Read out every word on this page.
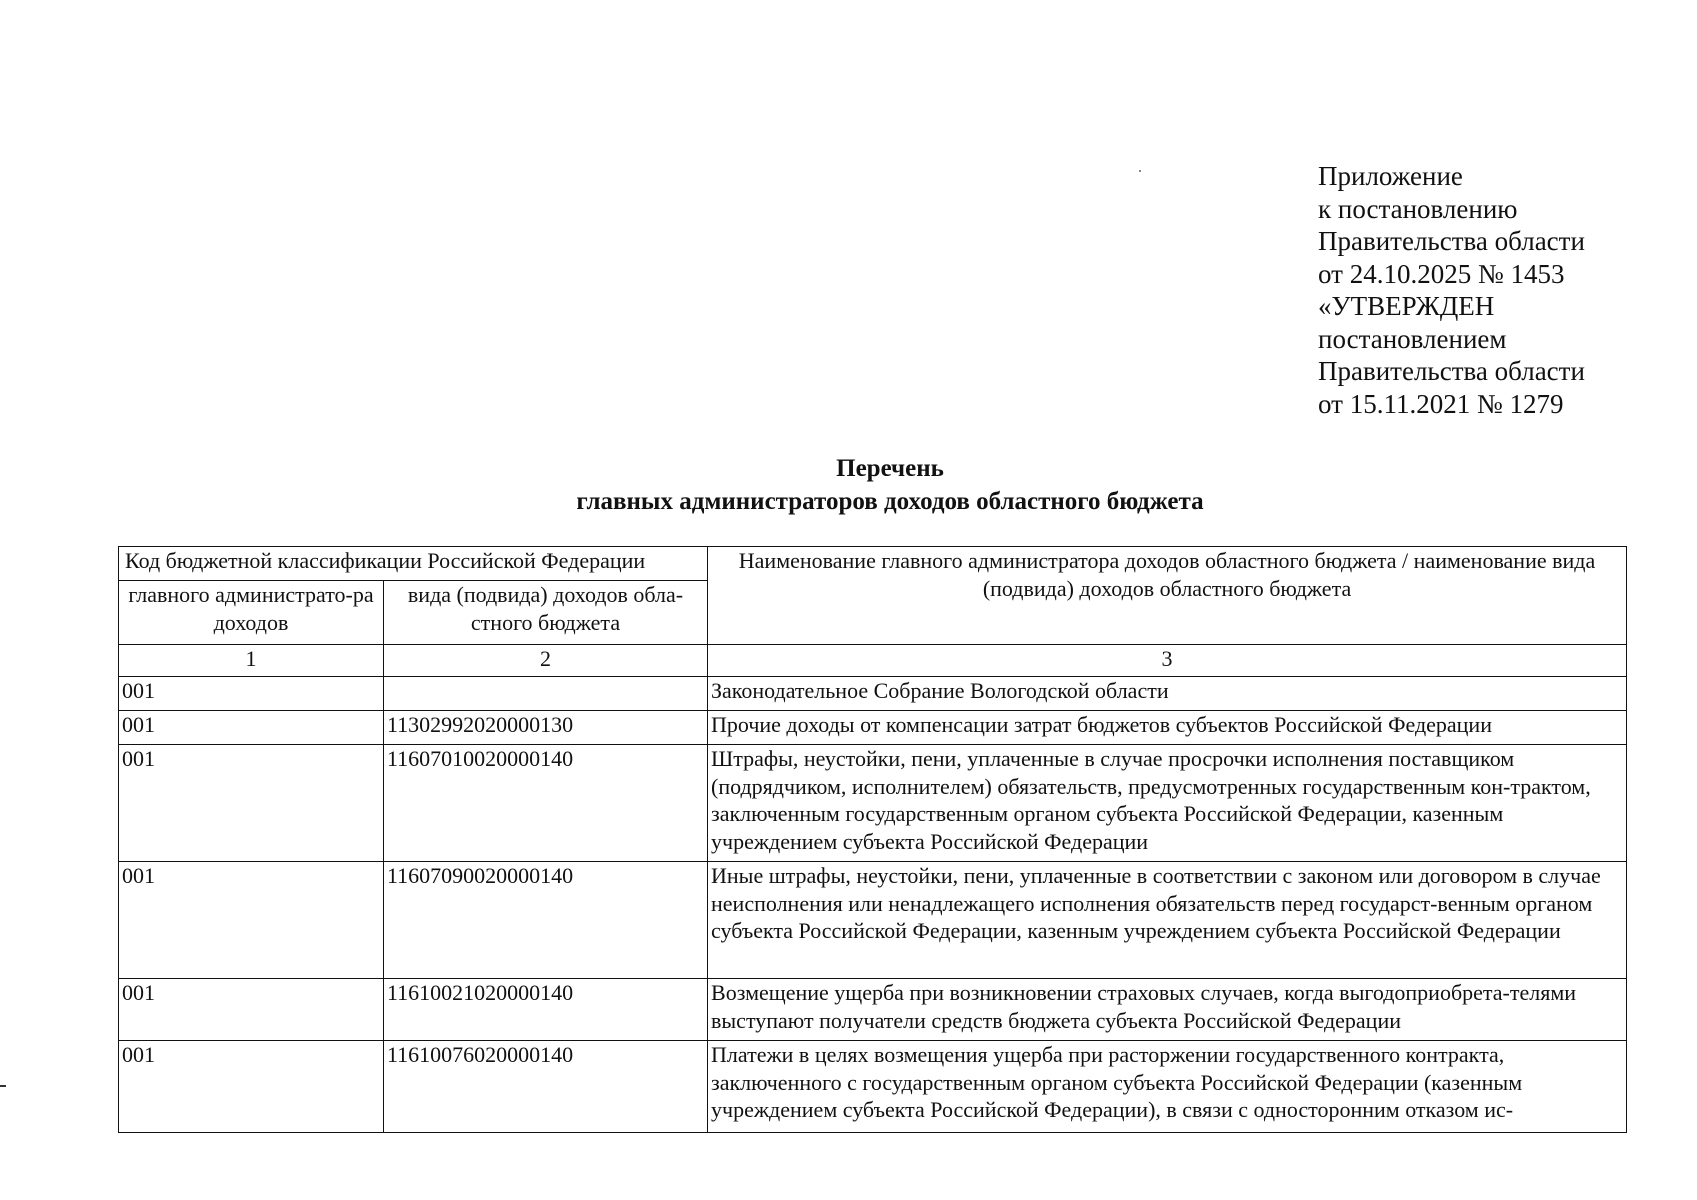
Приложение
к постановлению
Правительства области
от 24.10.2025 № 1453
«УТВЕРЖДЕН
постановлением
Правительства области
от 15.11.2021 № 1279
Перечень
главных администраторов доходов областного бюджета
Код бюджетной классификации Российской Федерации		Наименование главного администратора доходов областного бюджета / наименование вида (подвида) доходов областного бюджета
главного администрато-ра доходов	вида (подвида) доходов обла-стного бюджета	
1	2	3
001		Законодательное Собрание Вологодской области
001	11302992020000130	Прочие доходы от компенсации затрат бюджетов субъектов Российской Федерации
001	11607010020000140	Штрафы, неустойки, пени, уплаченные в случае просрочки исполнения поставщиком (подрядчиком, исполнителем) обязательств, предусмотренных государственным кон-трактом, заключенным государственным органом субъекта Российской Федерации, казенным учреждением субъекта Российской Федерации
001	11607090020000140	Иные штрафы, неустойки, пени, уплаченные в соответствии с законом или договором в случае неисполнения или ненадлежащего исполнения обязательств перед государст-венным органом субъекта Российской Федерации, казенным учреждением субъекта Российской Федерации
001	11610021020000140	Возмещение ущерба при возникновении страховых случаев, когда выгодоприобрета-телями выступают получатели средств бюджета субъекта Российской Федерации
001	11610076020000140	Платежи в целях возмещения ущерба при расторжении государственного контракта, заключенного с государственным органом субъекта Российской Федерации (казенным учреждением субъекта Российской Федерации), в связи с односторонним отказом ис-
